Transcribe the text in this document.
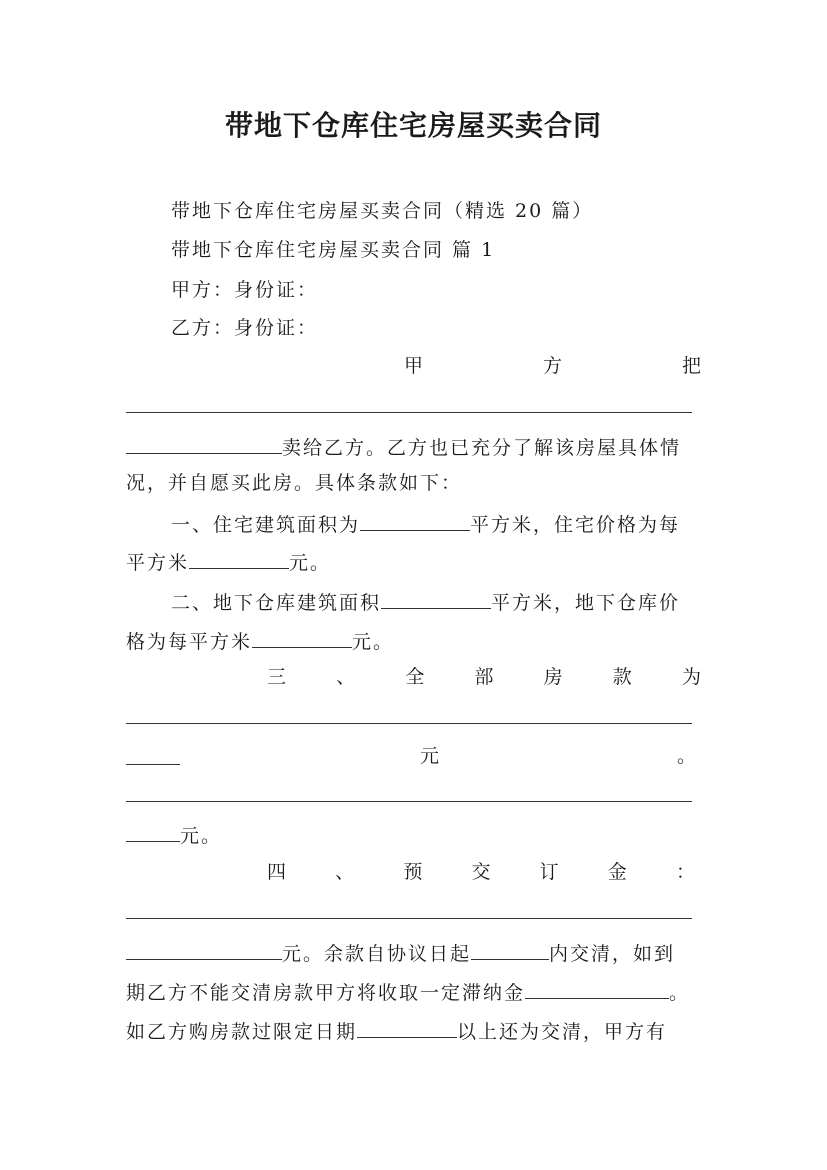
带地下仓库住宅房屋买卖合同
带地下仓库住宅房屋买卖合同（精选 20 篇）
带地下仓库住宅房屋买卖合同 篇 1
甲方：身份证：
乙方：身份证：
甲	方	把
卖给乙方。乙方也已充分了解该房屋具体情
况，并自愿买此房。具体条款如下：
一、住宅建筑面积为	平方米，住宅价格为每
平方米	元。
二、地下仓库建筑面积	平方米，地下仓库价
格为每平方米	元。
三	、	全	部	房	款	为
元	。
元。
四	、	预	交	订	金	：
元。余款自协议日起	内交清，如到
期乙方不能交清房款甲方将收取一定滞纳金	。
如乙方购房款过限定日期	以上还为交清，甲方有
